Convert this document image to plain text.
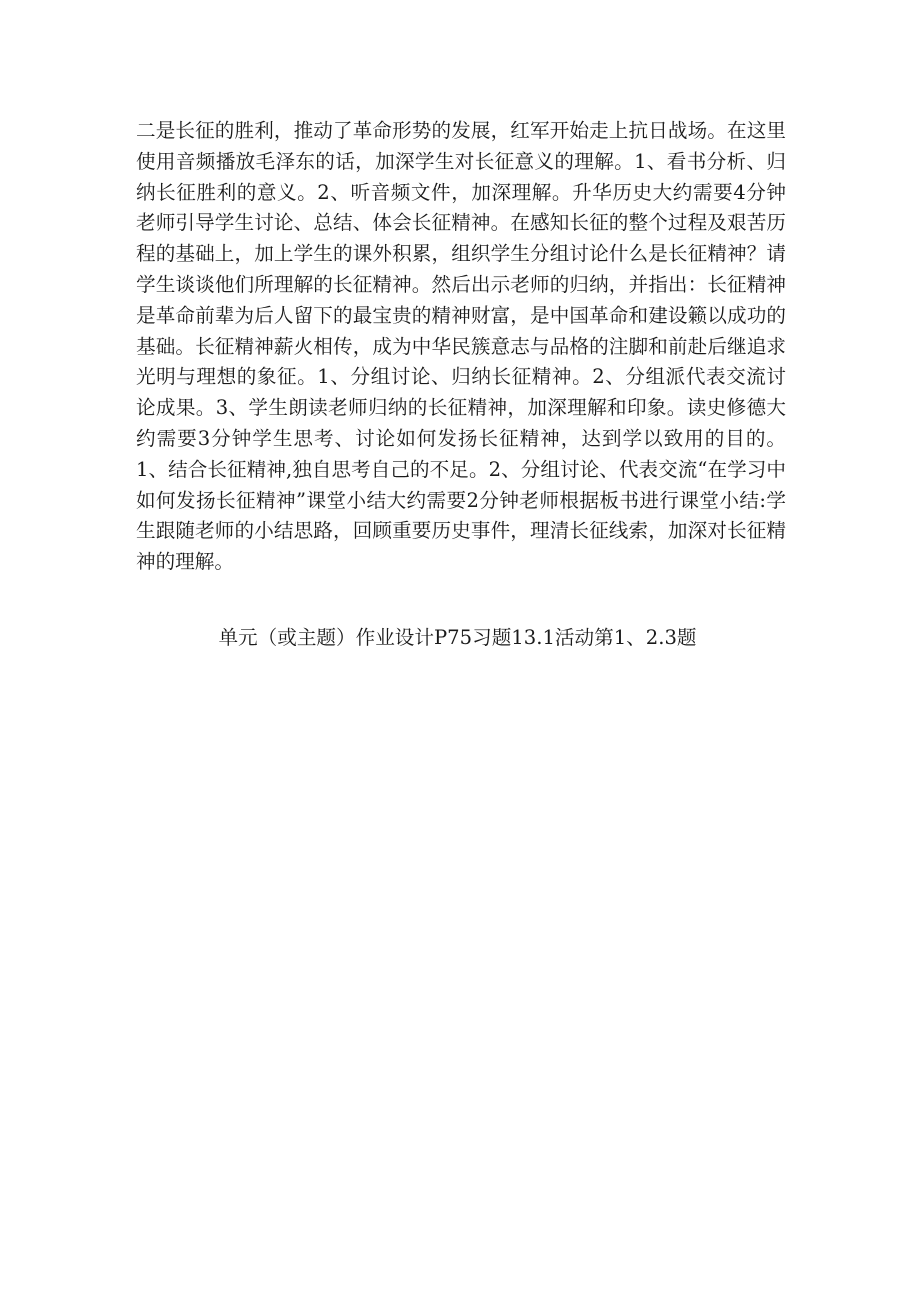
二是长征的胜利，推动了革命形势的发展，红军开始走上抗日战场。在这里使用音频播放毛泽东的话，加深学生对长征意义的理解。1、看书分析、归纳长征胜利的意义。2、听音频文件，加深理解。升华历史大约需要4分钟老师引导学生讨论、总结、体会长征精神。在感知长征的整个过程及艰苦历程的基础上，加上学生的课外积累，组织学生分组讨论什么是长征精神？请学生谈谈他们所理解的长征精神。然后出示老师的归纳，并指出：长征精神是革命前辈为后人留下的最宝贵的精神财富，是中国革命和建设籁以成功的基础。长征精神薪火相传，成为中华民簇意志与品格的注脚和前赴后继追求光明与理想的象征。1、分组讨论、归纳长征精神。2、分组派代表交流讨论成果。3、学生朗读老师归纳的长征精神，加深理解和印象。读史修德大约需要3分钟学生思考、讨论如何发扬长征精神，达到学以致用的目的。1、结合长征精神,独自思考自己的不足。2、分组讨论、代表交流“在学习中如何发扬长征精神”课堂小结大约需要2分钟老师根据板书进行课堂小结:学生跟随老师的小结思路，回顾重要历史事件，理清长征线索，加深对长征精神的理解。

单元（或主题）作业设计P75习题13.1活动第1、2.3题
